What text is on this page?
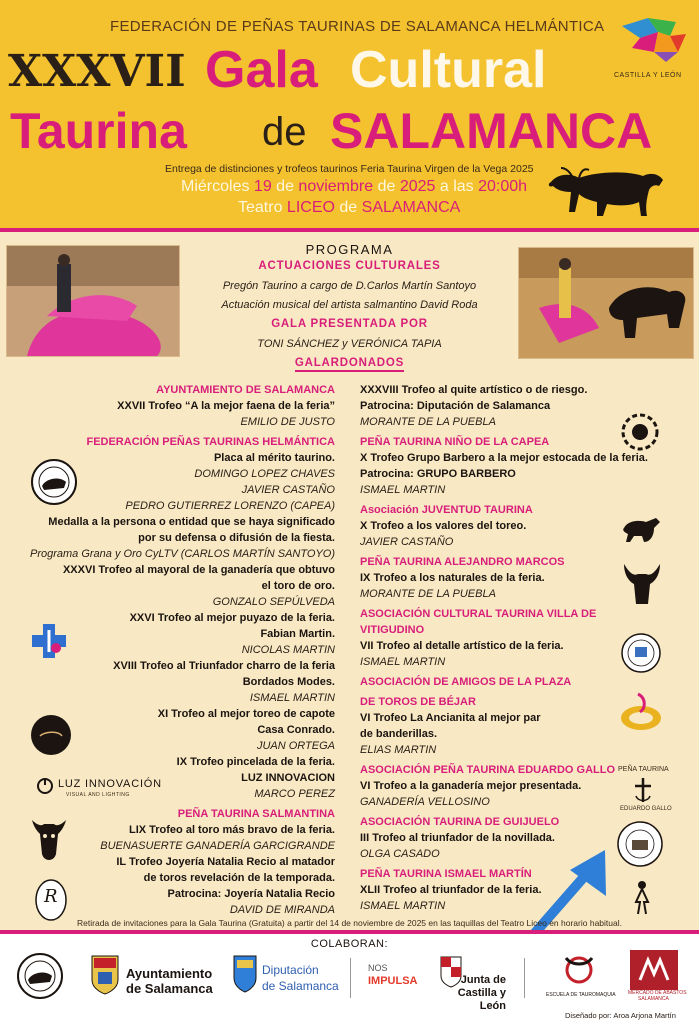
FEDERACIÓN DE PEÑAS TAURINAS DE SALAMANCA HELMÁNTICA
XXXVII Gala Cultural
Taurina de SALAMANCA
Entrega de distinciones y trofeos taurinos Feria Taurina Virgen de la Vega 2025
Miércoles 19 de noviembre de 2025 a las 20:00h
Teatro LICEO de SALAMANCA
CASTILLA Y LEÓN
PROGRAMA
ACTUACIONES CULTURALES
Pregón Taurino a cargo de D.Carlos Martín Santoyo
Actuación musical del artista salmantino David Roda
GALA PRESENTADA POR
TONI SÁNCHEZ y VERÓNICA TAPIA
GALARDONADOS
AYUNTAMIENTO DE SALAMANCA
XXVII Trofeo “A la mejor faena de la feria”
EMILIO DE JUSTO
FEDERACIÓN PEÑAS TAURINAS HELMÁNTICA
Placa al mérito taurino.
DOMINGO LOPEZ CHAVES
JAVIER CASTAÑO
PEDRO GUTIERREZ LORENZO (CAPEA)
Medalla a la persona o entidad que se haya significado
por su defensa o difusión de la fiesta.
Programa Grana y Oro CyLTV (CARLOS MARTÍN SANTOYO)
XXXVI Trofeo al mayoral de la ganadería que obtuvo
el toro de oro.
GONZALO SEPÚLVEDA
XXVI Trofeo al mejor puyazo de la feria.
Fabian Martin.
NICOLAS MARTIN
XVIII Trofeo al Triunfador charro de la feria
Bordados Modes.
ISMAEL MARTIN
XI Trofeo al mejor toreo de capote
Casa Conrado.
JUAN ORTEGA
IX Trofeo pincelada de la feria.
LUZ INNOVACION
MARCO PEREZ
PEÑA TAURINA SALMANTINA
LIX Trofeo al toro más bravo de la feria.
BUENASUERTE GANADERÍA GARCIGRANDE
IL Trofeo Joyería Natalia Recio al matador
de toros revelación de la temporada.
Patrocina: Joyería Natalia Recio
DAVID DE MIRANDA
XXXVIII Trofeo al quite artístico o de riesgo.
Patrocina: Diputación de Salamanca
MORANTE DE LA PUEBLA
PEÑA TAURINA NIÑO DE LA CAPEA
X Trofeo Grupo Barbero a la mejor estocada de la feria.
Patrocina: GRUPO BARBERO
ISMAEL MARTIN
Asociación JUVENTUD TAURINA
X Trofeo a los valores del toreo.
JAVIER CASTAÑO
PEÑA TAURINA ALEJANDRO MARCOS
IX Trofeo a los naturales de la feria.
MORANTE DE LA PUEBLA
ASOCIACIÓN CULTURAL TAURINA VILLA DE VITIGUDINO
VII Trofeo al detalle artístico de la feria.
ISMAEL MARTIN
ASOCIACIÓN DE AMIGOS DE LA PLAZA
DE TOROS DE BÉJAR
VI Trofeo La Ancianita al mejor par
de banderillas.
ELIAS MARTIN
ASOCIACIÓN PEÑA TAURINA EDUARDO GALLO
VI Trofeo a la ganadería mejor presentada.
GANADERÍA VELLOSINO
ASOCIACIÓN TAURINA DE GUIJUELO
III Trofeo al triunfador de la novillada.
OLGA CASADO
PEÑA TAURINA ISMAEL MARTÍN
XLII Trofeo al triunfador de la feria.
ISMAEL MARTIN
LUZ INNOVACIÓN
VISUAL AND LIGHTING
R
PEÑA TAURINA
EDUARDO GALLO
Retirada de invitaciones para la Gala Taurina (Gratuita) a partir del 14 de noviembre de 2025 en las taquillas del Teatro Liceo en horario habitual.
COLABORAN:
Ayuntamiento
de Salamanca
Diputación
de Salamanca
NOS
IMPULSA	Junta de
Castilla y León
ESCUELA DE TAUROMAQUIA MERCADO DE ABASTOS
SALAMANCA
Diseñado por: Aroa Arjona Martín
